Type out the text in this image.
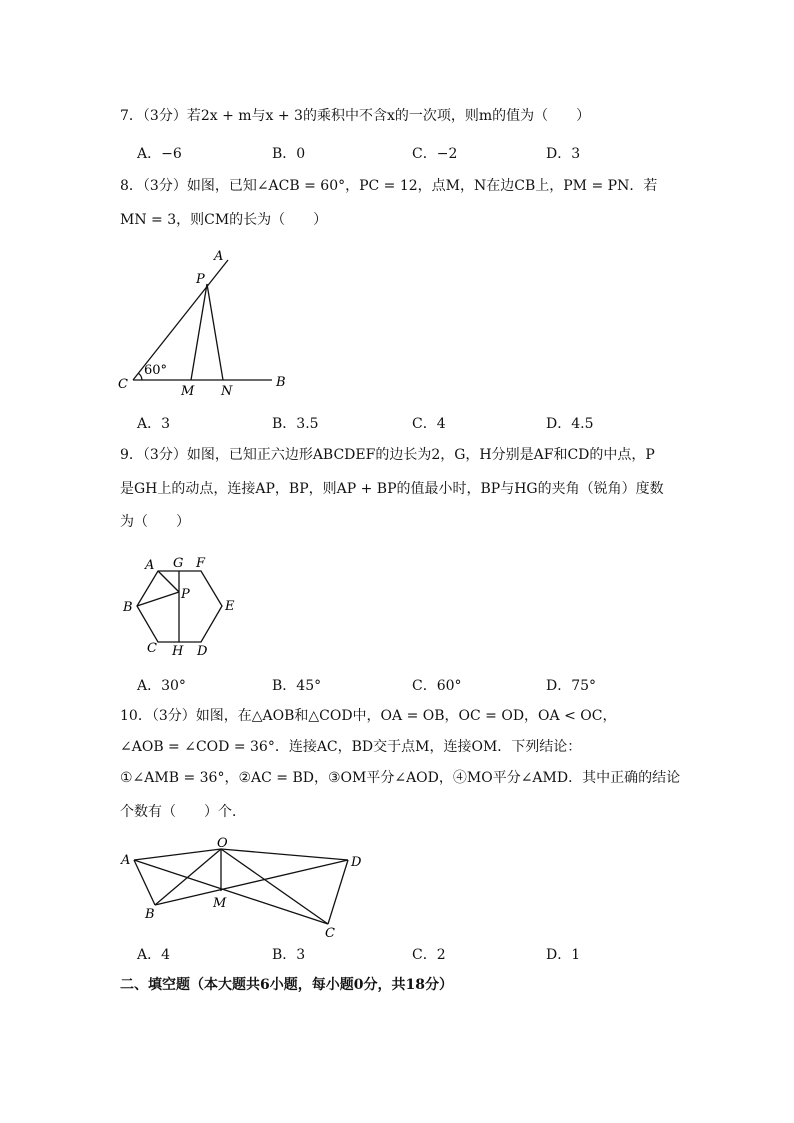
7．（3分）若2x + m与x + 3的乘积中不含x的一次项，则m的值为（　　）
A．−6	B．0	C．−2	D．3
8．（3分）如图，已知∠ACB = 60°，PC = 12，点M，N在边CB上，PM = PN．若
MN = 3，则CM的长为（　　）
A
P
C
60°
B
M N
A．3	B．3.5	C．4	D．4.5
9．（3分）如图，已知正六边形ABCDEF的边长为2，G，H分别是AF和CD的中点，P
是GH上的动点，连接AP，BP，则AP + BP的值最小时，BP与HG的夹角（锐角）度数
为（　　）
A G F
B
P
E
C H D
A．30°	B．45°	C．60°	D．75°
10．（3分）如图，在△AOB和△COD中，OA = OB，OC = OD，OA < OC，
∠AOB = ∠COD = 36°．连接AC，BD交于点M，连接OM．下列结论：
①∠AMB = 36°，②AC = BD，③OM平分∠AOD，④MO平分∠AMD．其中正确的结论
个数有（　　）个．
O
A	D
B
M
C
A．4	B．3	C．2	D．1
二、填空题（本大题共6小题，每小题0分，共18分）
